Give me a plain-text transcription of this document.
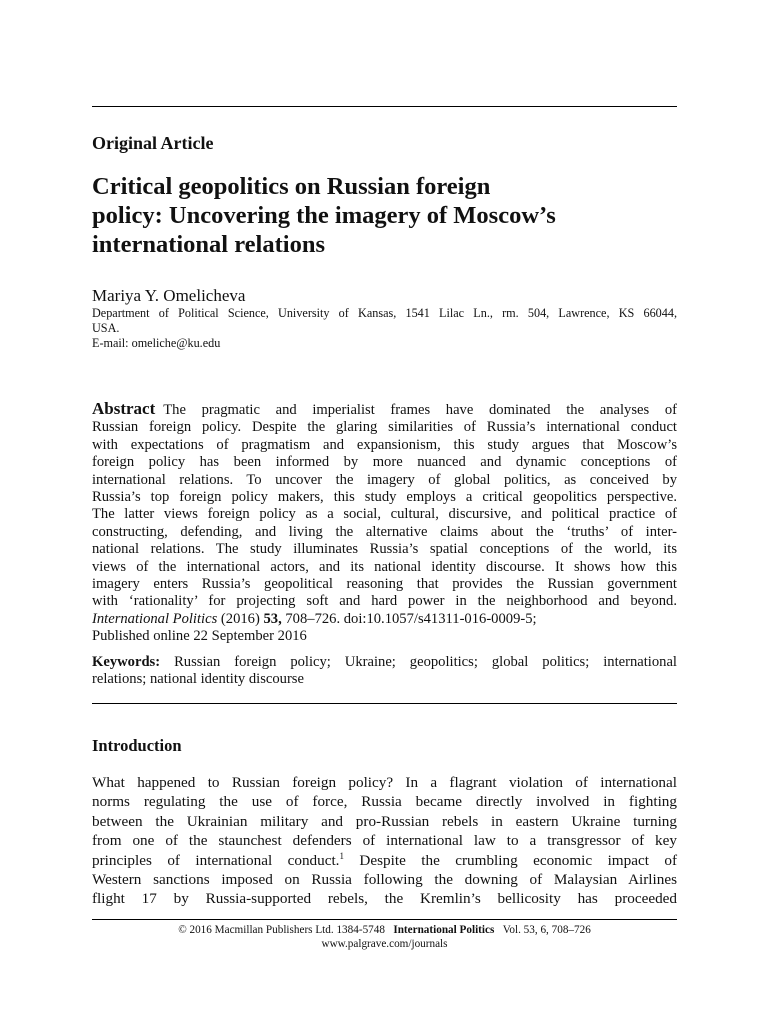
Original Article
Critical geopolitics on Russian foreign
policy: Uncovering the imagery of Moscow’s
international relations
Mariya Y. Omelicheva
Department of Political Science, University of Kansas, 1541 Lilac Ln., rm. 504, Lawrence, KS 66044,
USA.
E-mail: omeliche@ku.edu
Abstract The pragmatic and imperialist frames have dominated the analyses of
Russian foreign policy. Despite the glaring similarities of Russia’s international conduct
with expectations of pragmatism and expansionism, this study argues that Moscow’s
foreign policy has been informed by more nuanced and dynamic conceptions of
international relations. To uncover the imagery of global politics, as conceived by
Russia’s top foreign policy makers, this study employs a critical geopolitics perspective.
The latter views foreign policy as a social, cultural, discursive, and political practice of
constructing, defending, and living the alternative claims about the ‘truths’ of inter-
national relations. The study illuminates Russia’s spatial conceptions of the world, its
views of the international actors, and its national identity discourse. It shows how this
imagery enters Russia’s geopolitical reasoning that provides the Russian government
with ‘rationality’ for projecting soft and hard power in the neighborhood and beyond.
International Politics (2016) 53, 708–726. doi:10.1057/s41311-016-0009-5;
Published online 22 September 2016
Keywords: Russian foreign policy; Ukraine; geopolitics; global politics; international
relations; national identity discourse
Introduction
What happened to Russian foreign policy? In a flagrant violation of international
norms regulating the use of force, Russia became directly involved in fighting
between the Ukrainian military and pro-Russian rebels in eastern Ukraine turning
from one of the staunchest defenders of international law to a transgressor of key
principles of international conduct.$^1$ Despite the crumbling economic impact of
Western sanctions imposed on Russia following the downing of Malaysian Airlines
flight 17 by Russia-supported rebels, the Kremlin’s bellicosity has proceeded
© 2016 Macmillan Publishers Ltd. 1384-5748 International Politics Vol. 53, 6, 708–726
www.palgrave.com/journals
